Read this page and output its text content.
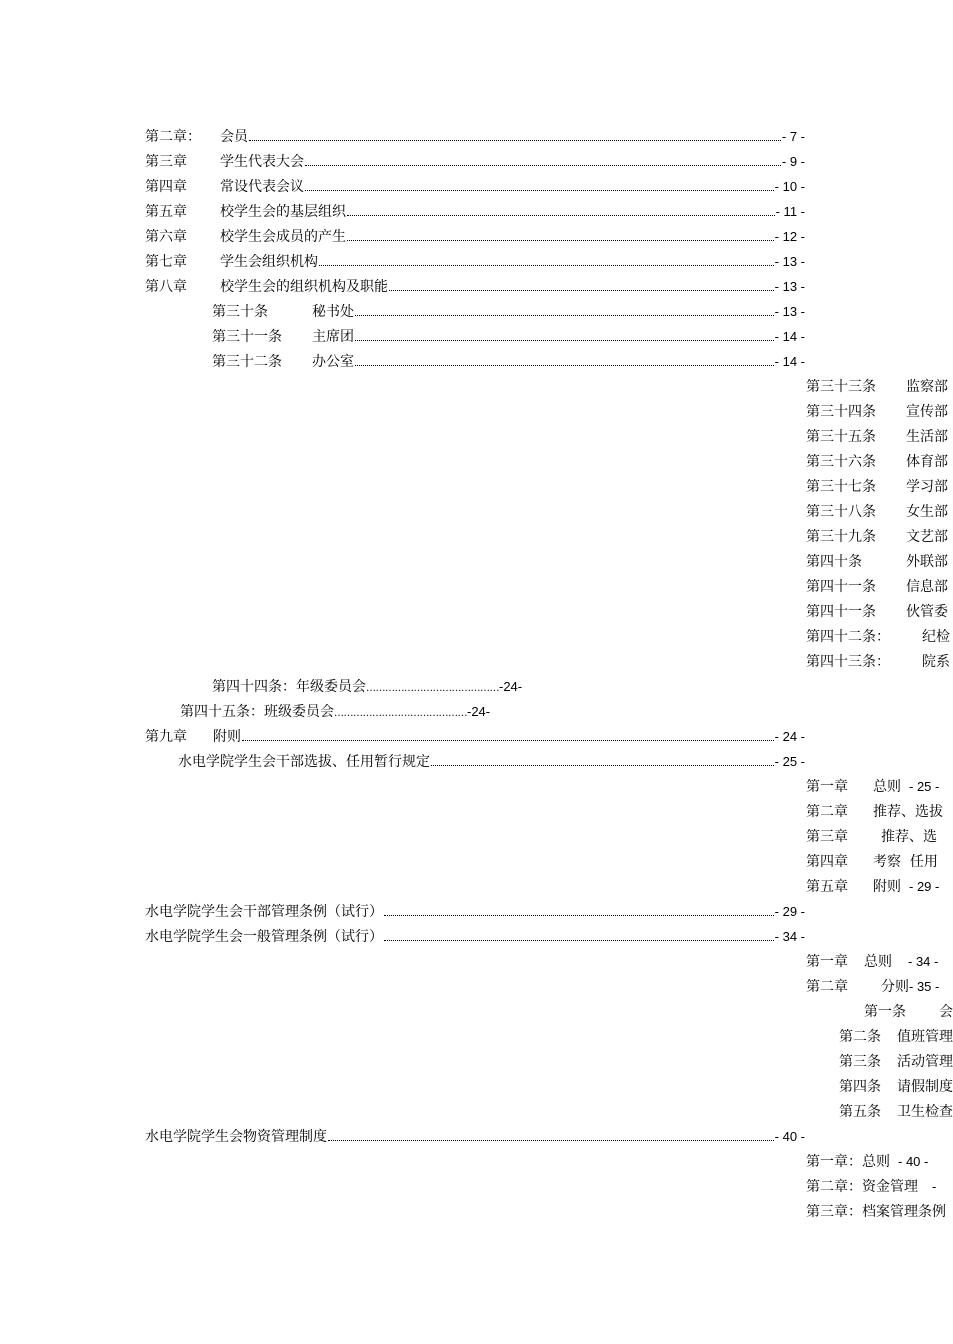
第二章：	会员	- 7 -
第三章	学生代表大会	- 9 -
第四章	常设代表会议	- 10 -
第五章	校学生会的基层组织	- 11 -
第六章	校学生会成员的产生	- 12 -
第七章	学生会组织机构	- 13 -
第八章	校学生会的组织机构及职能	- 13 -
第三十条	秘书处	- 13 -
第三十一条	主席团	- 14 -
第三十二条	办公室	- 14 -
第三十三条 监察部
第三十四条 宣传部
第三十五条 生活部
第三十六条 体育部
第三十七条 学习部
第三十八条 女生部
第三十九条 文艺部
第四十条	外联部
第四十一条 信息部
第四十一条 伙管委
第四十二条： 纪检
第四十三条： 院系
第四十四条：年级委员会……………………………………-24-
第四十五条：班级委员会……………………………………-24-
第九章	附则	- 24 -
水电学院学生会干部选拔、任用暂行规定	- 25 -
第一章 总则 - 25 -
第二章 推荐、选拔
第三章 推荐、选
第四章 考察  任用
第五章 附则 - 29 -
水电学院学生会干部管理条例（试行）	- 29 -
水电学院学生会一般管理条例（试行）	- 34 -
第一章 总则 - 34 -
第二章 分则- 35 -
第一条 会
第二条 值班管理
第三条 活动管理
第四条 请假制度
第五条 卫生检查
水电学院学生会物资管理制度	- 40 -
第一章：总则 - 40 -
第二章：资金管理 -
第三章：档案管理条例
